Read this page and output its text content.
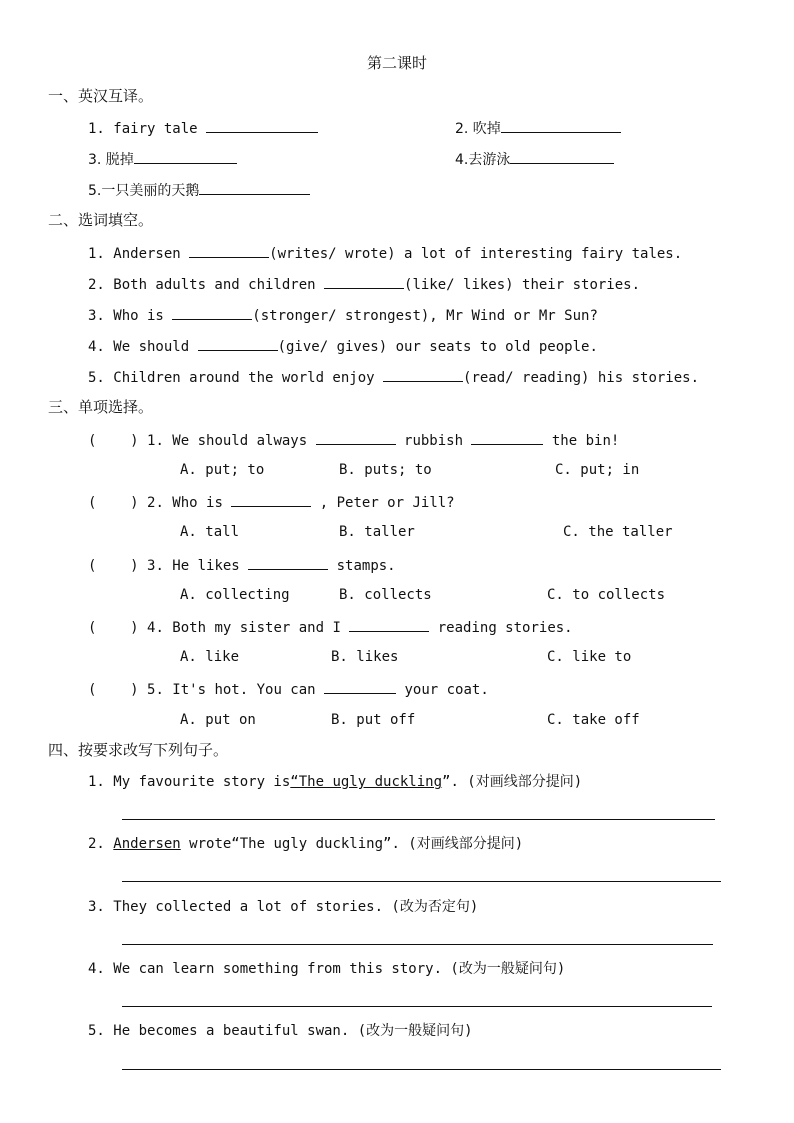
第二课时
一、英汉互译。
1. fairy tale	2. 吹掉
3. 脱掉	4.去游泳
5.一只美丽的天鹅
二、选词填空。
1. Andersen	(writes/ wrote) a lot of interesting fairy tales.
2. Both adults and children	(like/ likes) their stories.
3. Who is	(stronger/ strongest), Mr Wind or Mr Sun?
4. We should	(give/ gives) our seats to old people.
5. Children around the world enjoy	(read/ reading) his stories.
三、单项选择。
(    ) 1. We should always	rubbish	the bin!
A. put; to	B. puts; to	C. put; in
(    ) 2. Who is	, Peter or Jill?
A. tall	B. taller	C. the taller
(    ) 3. He likes	stamps.
A. collecting	B. collects	C. to collects
(    ) 4. Both my sister and I	reading stories.
A. like	B. likes	C. like to
(    ) 5. It's hot. You can	your coat.
A. put on	B. put off	C. take off
四、按要求改写下列句子。
1. My favourite story is“The ugly duckling”. (对画线部分提问)
2. Andersen wrote“The ugly duckling”. (对画线部分提问)
3. They collected a lot of stories. (改为否定句)
4. We can learn something from this story. (改为一般疑问句)
5. He becomes a beautiful swan. (改为一般疑问句)
